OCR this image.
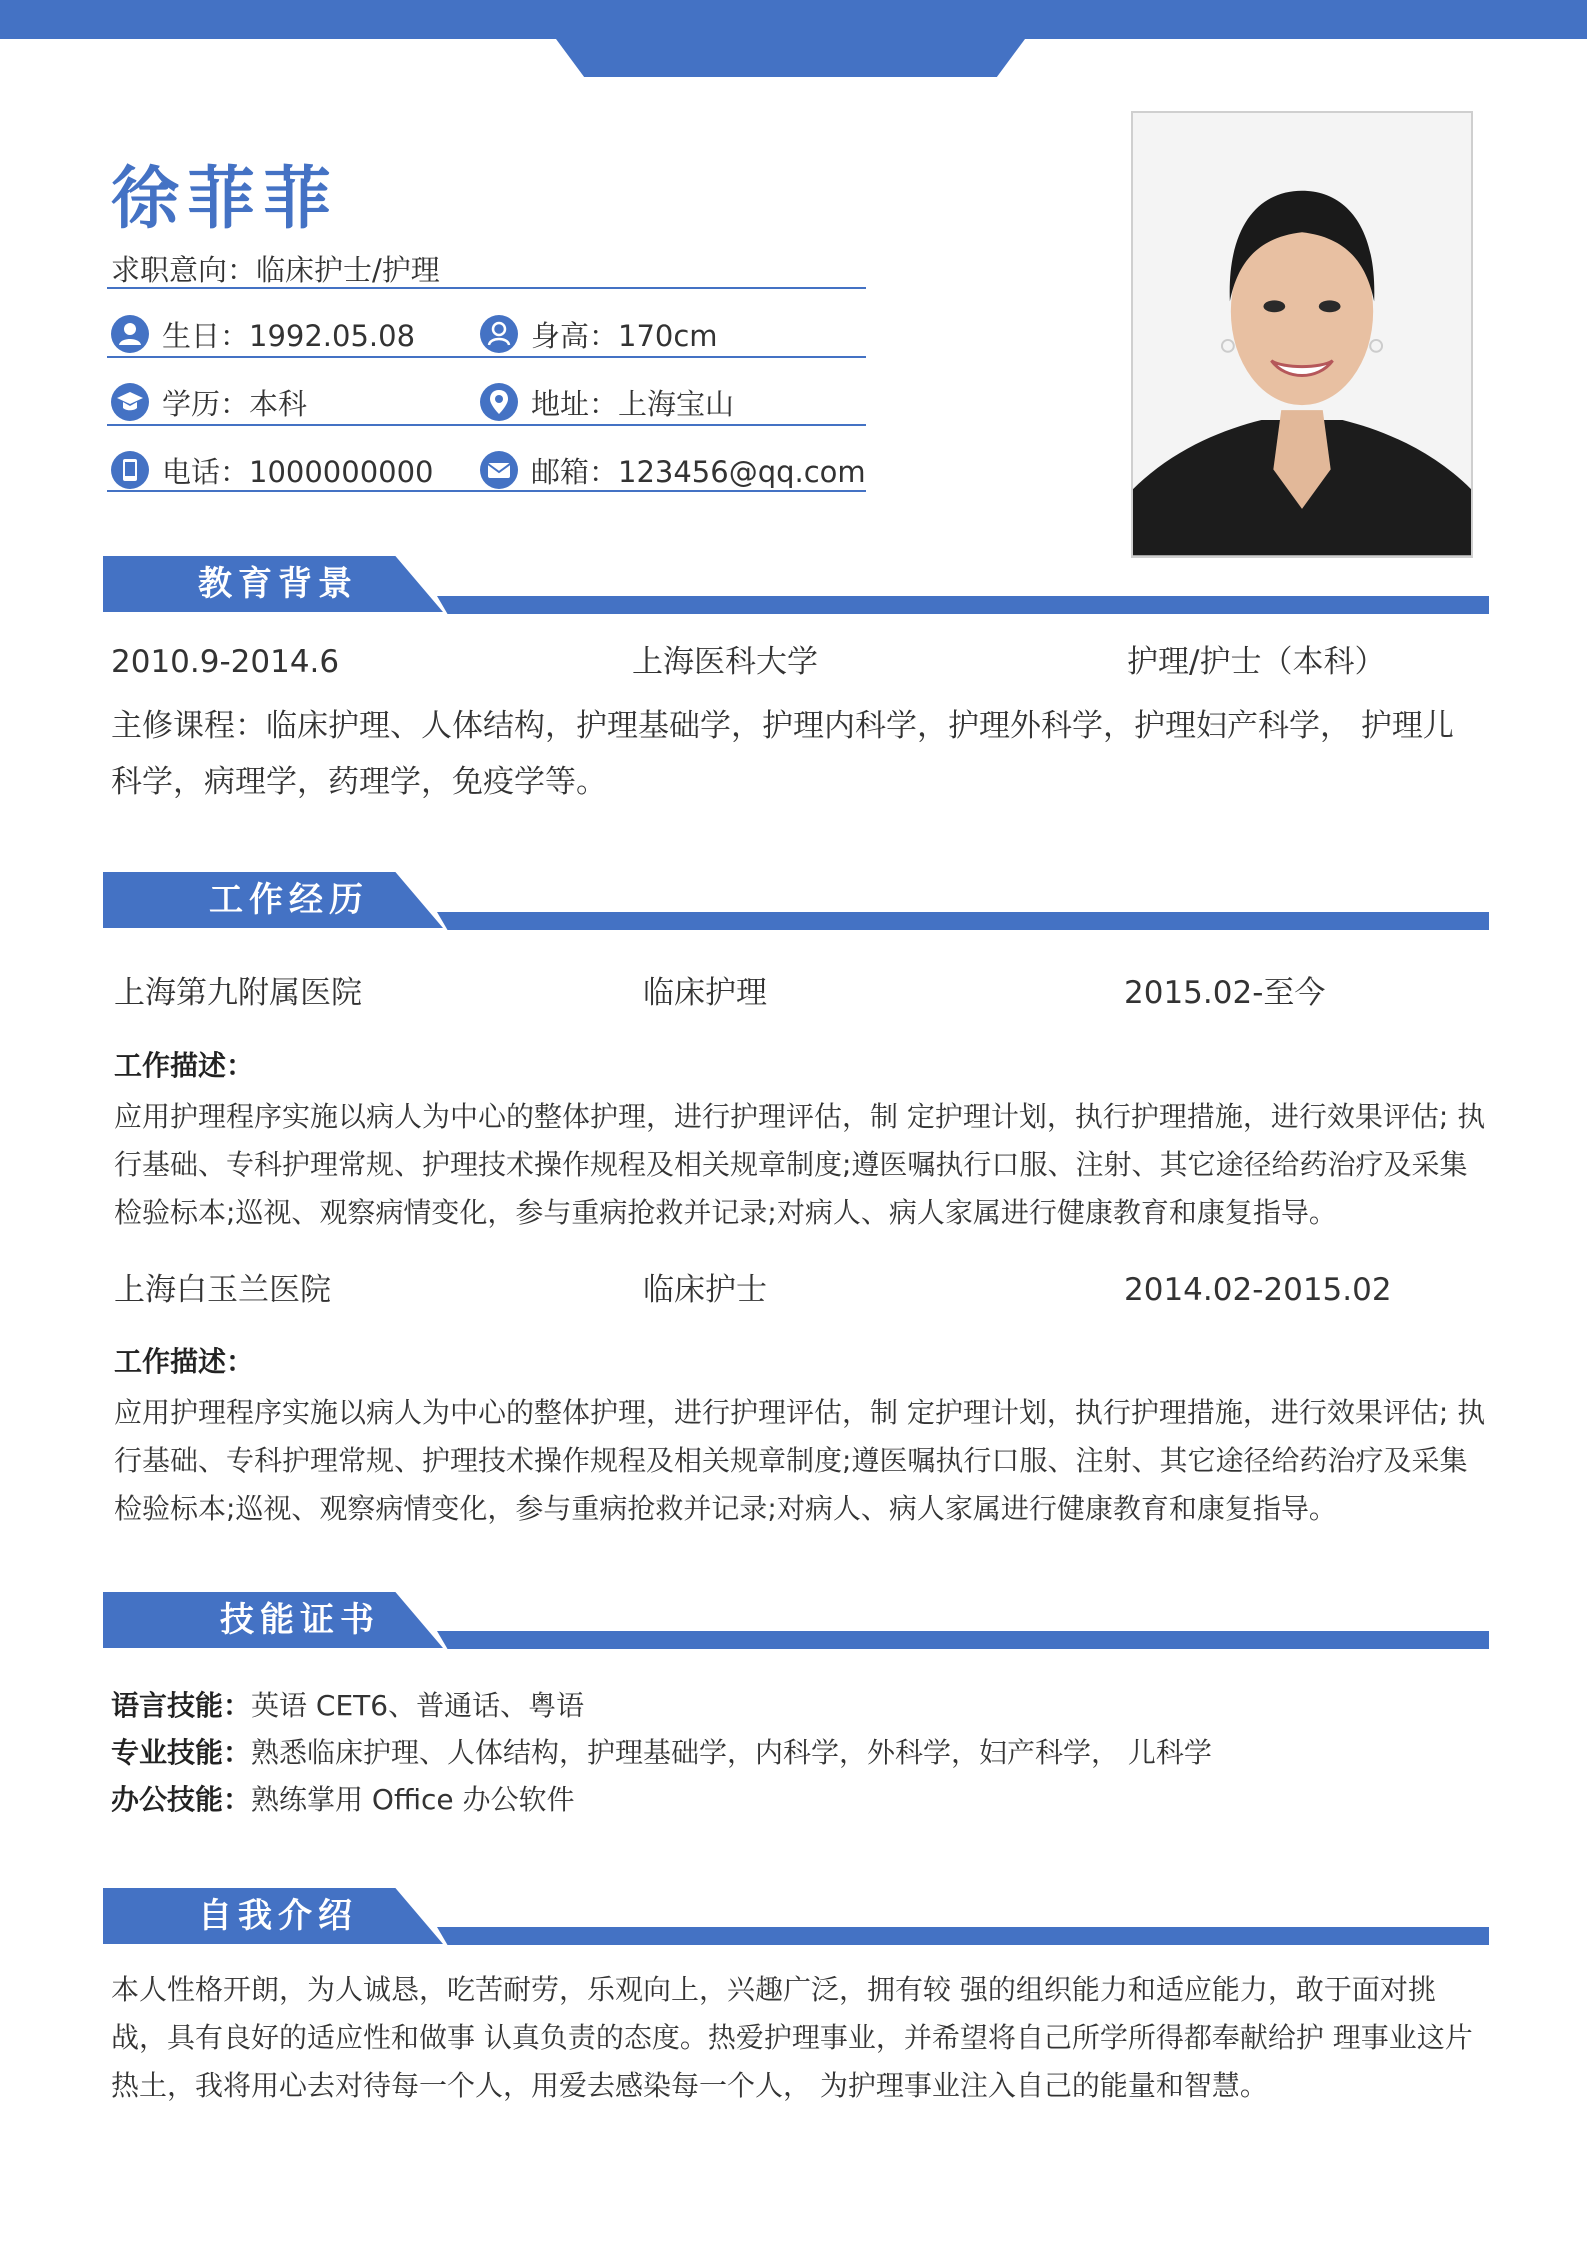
徐菲菲
求职意向：临床护士/护理
生日：1992.05.08	身高：170cm
学历：本科	地址：上海宝山
电话：1000000000	邮箱：123456@qq.com
教育背景
2010.9-2014.6	上海医科大学	护理/护士（本科）
主修课程：临床护理、人体结构，护理基础学，护理内科学，护理外科学，护理妇产科学， 护理儿科学，病理学，药理学，免疫学等。
工作经历
上海第九附属医院	临床护理	2015.02-至今
工作描述：
应用护理程序实施以病人为中心的整体护理，进行护理评估，制 定护理计划，执行护理措施，进行效果评估; 执行基础、专科护理常规、护理技术操作规程及相关规章制度;遵医嘱执行口服、注射、其它途径给药治疗及采集检验标本;巡视、观察病情变化，参与重病抢救并记录;对病人、病人家属进行健康教育和康复指导。
上海白玉兰医院	临床护士	2014.02-2015.02
工作描述：
应用护理程序实施以病人为中心的整体护理，进行护理评估，制 定护理计划，执行护理措施，进行效果评估; 执行基础、专科护理常规、护理技术操作规程及相关规章制度;遵医嘱执行口服、注射、其它途径给药治疗及采集检验标本;巡视、观察病情变化，参与重病抢救并记录;对病人、病人家属进行健康教育和康复指导。
技能证书
语言技能：英语 CET6、普通话、粤语
专业技能：熟悉临床护理、人体结构，护理基础学，内科学，外科学，妇产科学， 儿科学
办公技能：熟练掌用 Office 办公软件
自我介绍
本人性格开朗，为人诚恳，吃苦耐劳，乐观向上，兴趣广泛，拥有较 强的组织能力和适应能力，敢于面对挑战，具有良好的适应性和做事 认真负责的态度。热爱护理事业，并希望将自己所学所得都奉献给护 理事业这片热土，我将用心去对待每一个人，用爱去感染每一个人， 为护理事业注入自己的能量和智慧。
